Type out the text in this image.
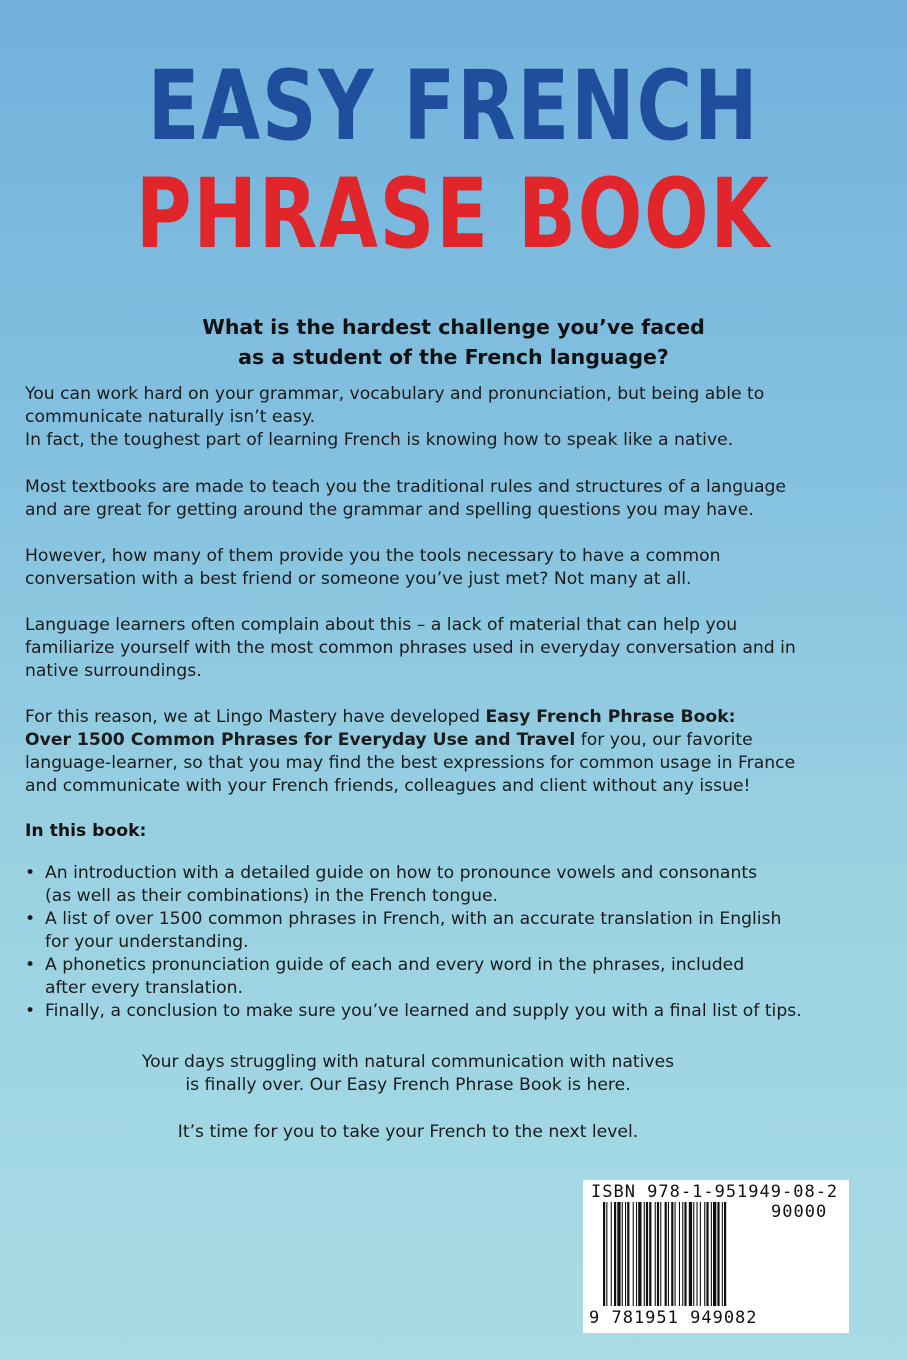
EASY FRENCH
PHRASE BOOK
What is the hardest challenge you’ve faced
as a student of the French language?
You can work hard on your grammar, vocabulary and pronunciation, but being able to
communicate naturally isn’t easy.
In fact, the toughest part of learning French is knowing how to speak like a native.
Most textbooks are made to teach you the traditional rules and structures of a language
and are great for getting around the grammar and spelling questions you may have.
However, how many of them provide you the tools necessary to have a common
conversation with a best friend or someone you’ve just met? Not many at all.
Language learners often complain about this – a lack of material that can help you
familiarize yourself with the most common phrases used in everyday conversation and in
native surroundings.
For this reason, we at Lingo Mastery have developed Easy French Phrase Book:
Over 1500 Common Phrases for Everyday Use and Travel for you, our favorite
language-learner, so that you may find the best expressions for common usage in France
and communicate with your French friends, colleagues and client without any issue!
In this book:
• An introduction with a detailed guide on how to pronounce vowels and consonants
(as well as their combinations) in the French tongue.
• A list of over 1500 common phrases in French, with an accurate translation in English
for your understanding.
• A phonetics pronunciation guide of each and every word in the phrases, included
after every translation.
• Finally, a conclusion to make sure you’ve learned and supply you with a final list of tips.
Your days struggling with natural communication with natives
is finally over. Our Easy French Phrase Book is here.
It’s time for you to take your French to the next level.
ISBN 978-1-951949-08-2
90000
9 781951 949082
